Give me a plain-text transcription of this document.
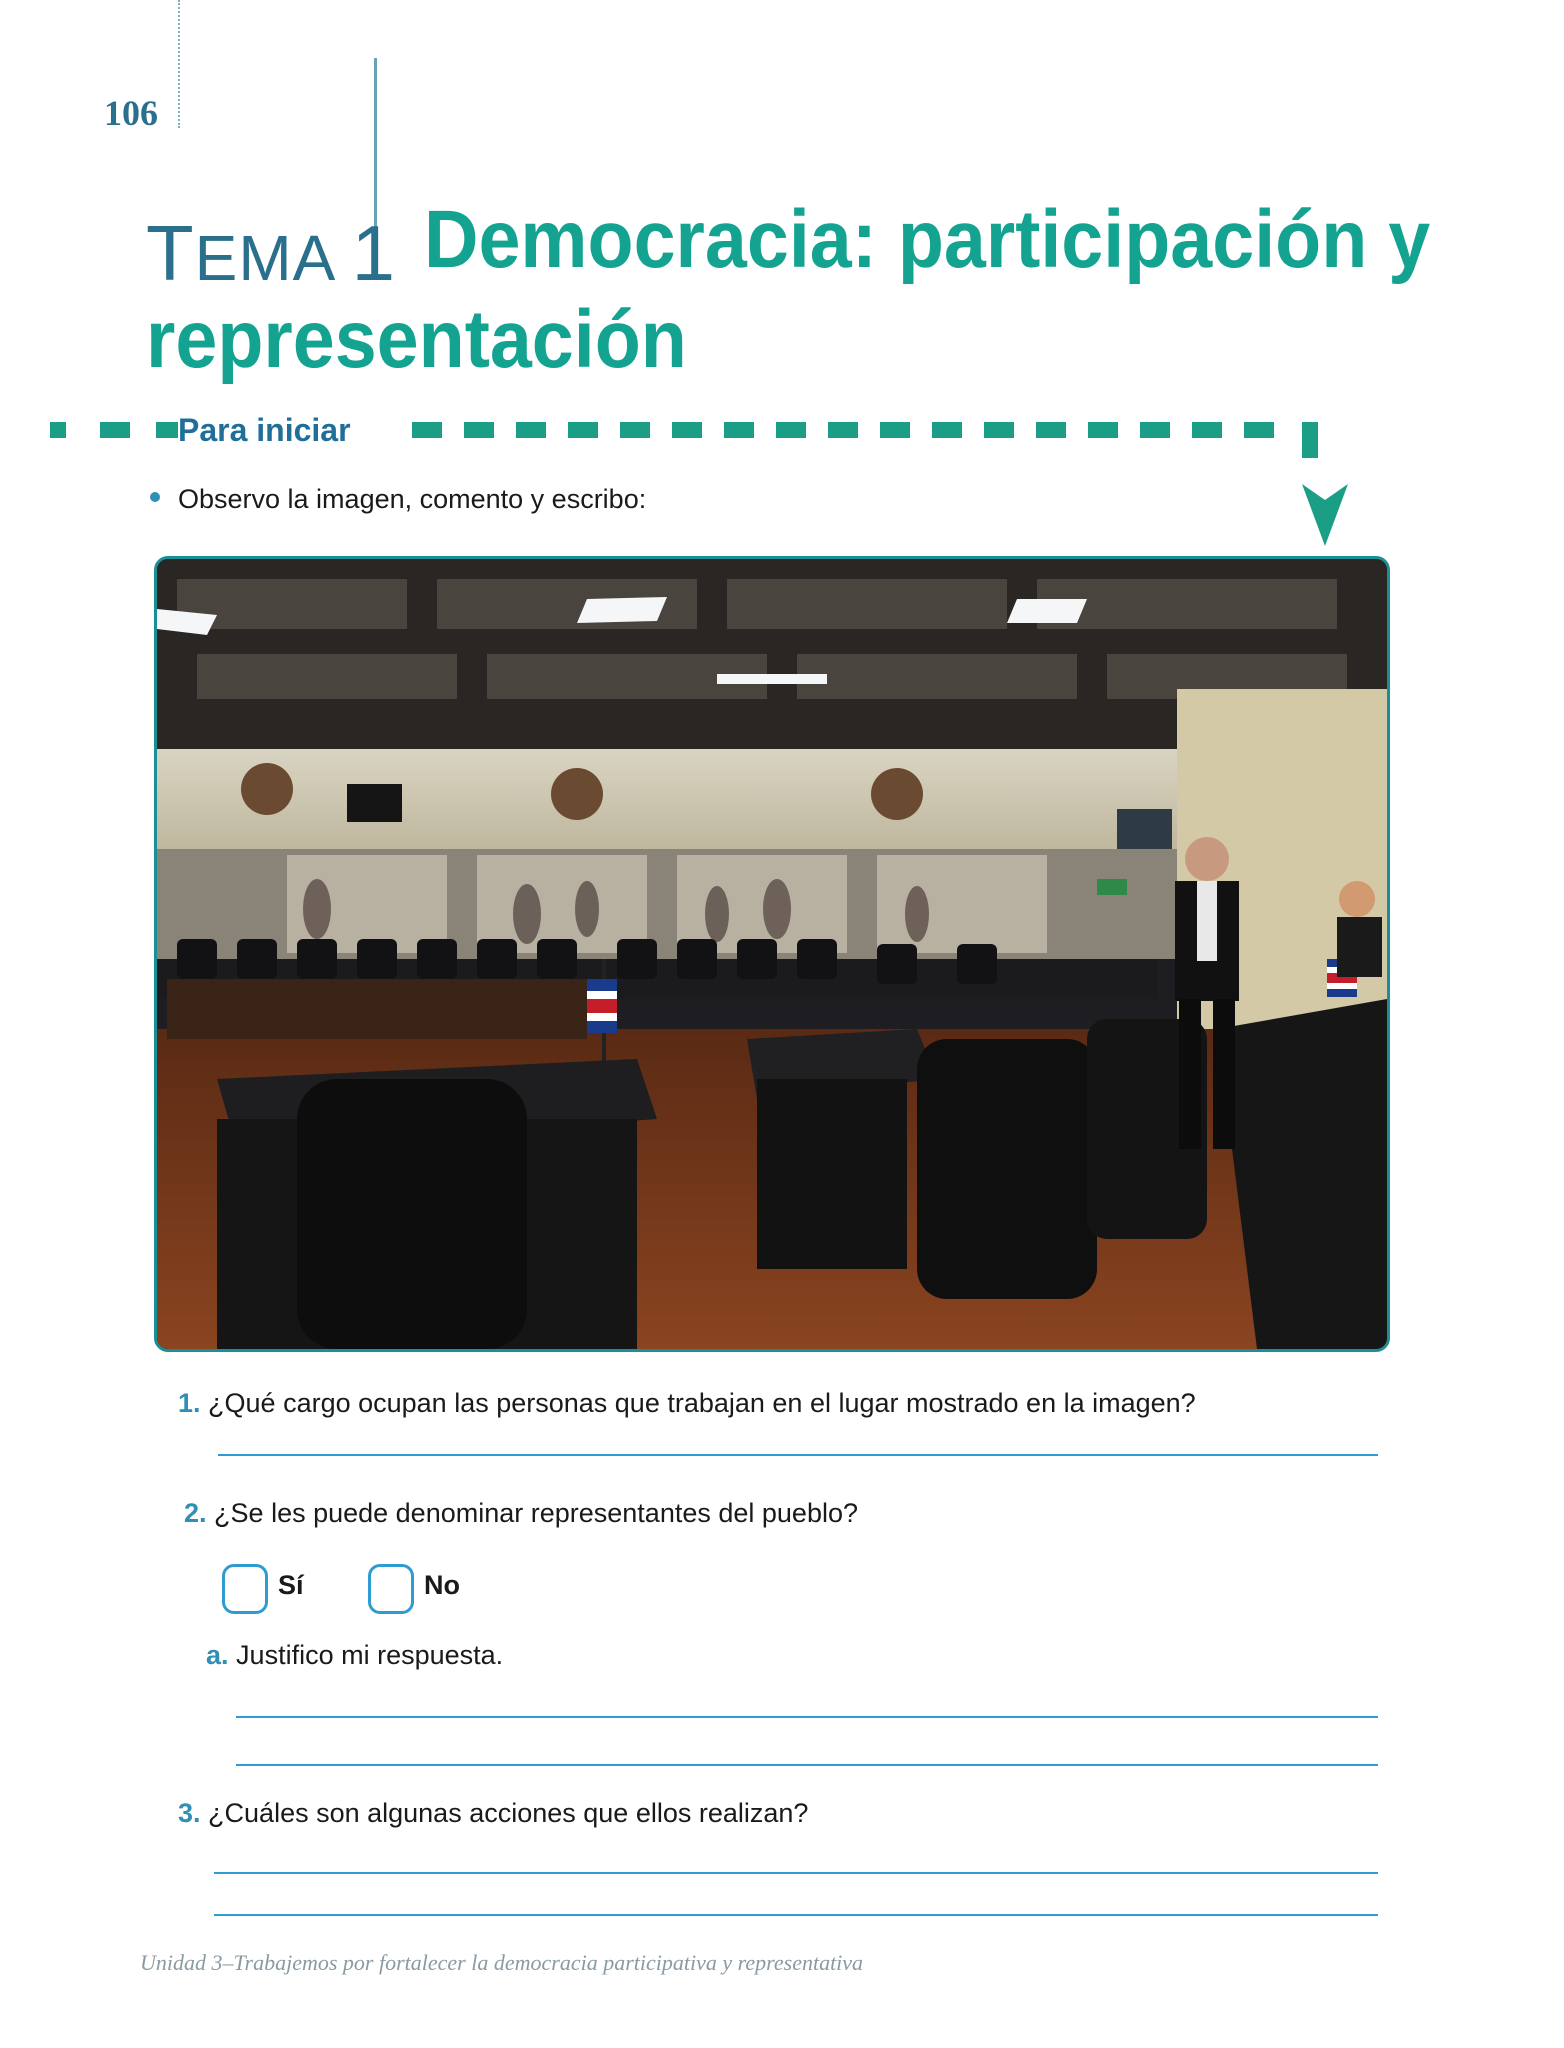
106
TEMA 1 Democracia: participación y
representación
Para iniciar
Observo la imagen, comento y escribo:
1. ¿Qué cargo ocupan las personas que trabajan en el lugar mostrado en la imagen?
2. ¿Se les puede denominar representantes del pueblo?
Sí	No
a. Justifico mi respuesta.
3. ¿Cuáles son algunas acciones que ellos realizan?
Unidad 3–Trabajemos por fortalecer la democracia participativa y representativa
